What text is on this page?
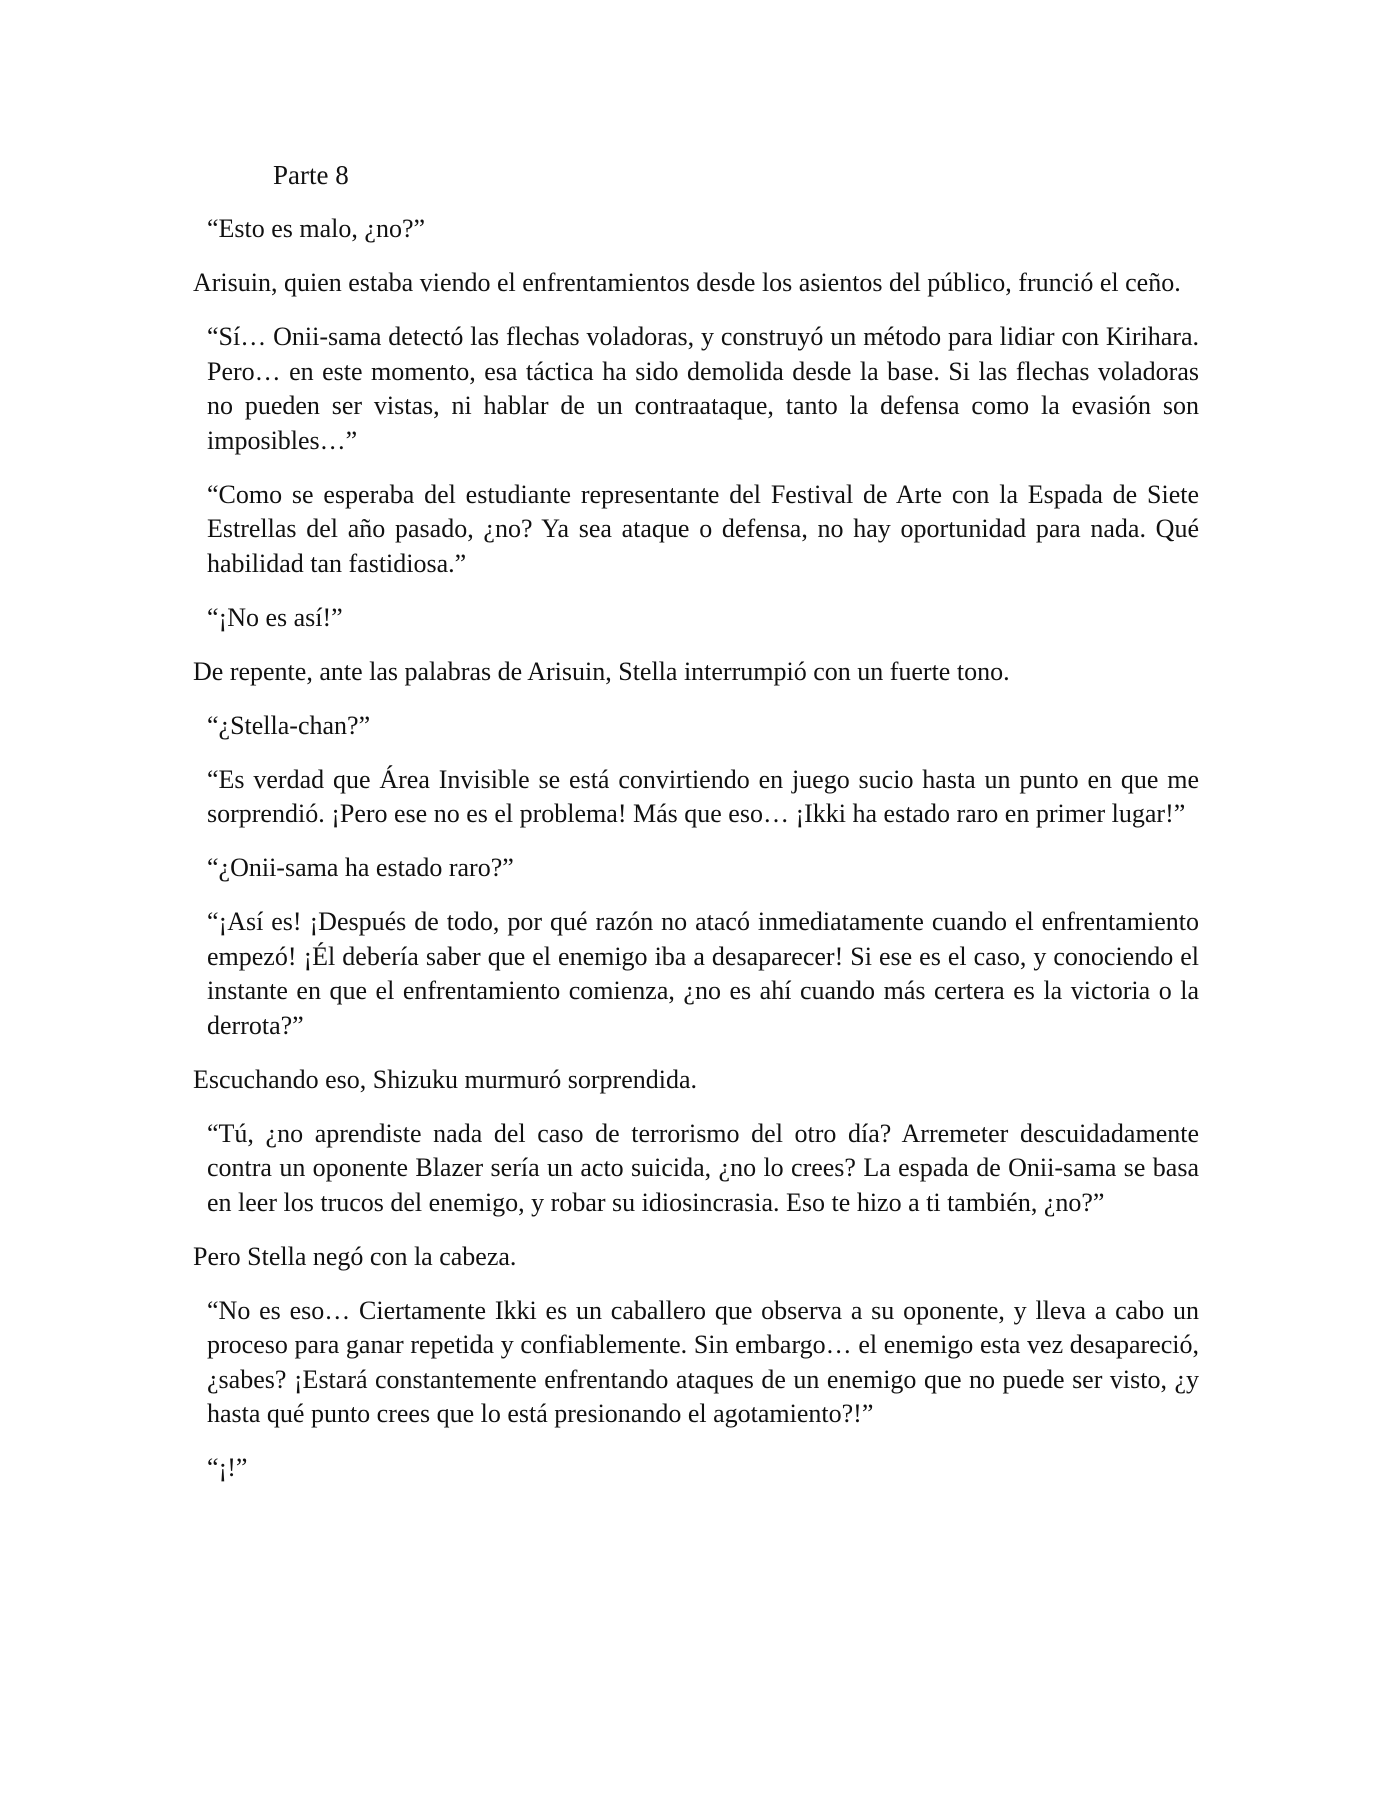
Parte 8

“Esto es malo, ¿no?”

Arisuin, quien estaba viendo el enfrentamientos desde los asientos del público, frunció el ceño.

“Sí… Onii-sama detectó las flechas voladoras, y construyó un método para lidiar con Kirihara. Pero… en este momento, esa táctica ha sido demolida desde la base. Si las flechas voladoras no pueden ser vistas, ni hablar de un contraataque, tanto la defensa como la evasión son imposibles…”

“Como se esperaba del estudiante representante del Festival de Arte con la Espada de Siete Estrellas del año pasado, ¿no? Ya sea ataque o defensa, no hay oportunidad para nada. Qué habilidad tan fastidiosa.”

“¡No es así!”

De repente, ante las palabras de Arisuin, Stella interrumpió con un fuerte tono.

“¿Stella-chan?”

“Es verdad que Área Invisible se está convirtiendo en juego sucio hasta un punto en que me sorprendió. ¡Pero ese no es el problema! Más que eso… ¡Ikki ha estado raro en primer lugar!”

“¿Onii-sama ha estado raro?”

“¡Así es! ¡Después de todo, por qué razón no atacó inmediatamente cuando el enfrentamiento empezó! ¡Él debería saber que el enemigo iba a desaparecer! Si ese es el caso, y conociendo el instante en que el enfrentamiento comienza, ¿no es ahí cuando más certera es la victoria o la derrota?”

Escuchando eso, Shizuku murmuró sorprendida.

“Tú, ¿no aprendiste nada del caso de terrorismo del otro día? Arremeter descuidadamente contra un oponente Blazer sería un acto suicida, ¿no lo crees? La espada de Onii-sama se basa en leer los trucos del enemigo, y robar su idiosincrasia. Eso te hizo a ti también, ¿no?”

Pero Stella negó con la cabeza.

“No es eso… Ciertamente Ikki es un caballero que observa a su oponente, y lleva a cabo un proceso para ganar repetida y confiablemente. Sin embargo… el enemigo esta vez desapareció, ¿sabes? ¡Estará constantemente enfrentando ataques de un enemigo que no puede ser visto, ¿y hasta qué punto crees que lo está presionando el agotamiento?!”

“¡!”
